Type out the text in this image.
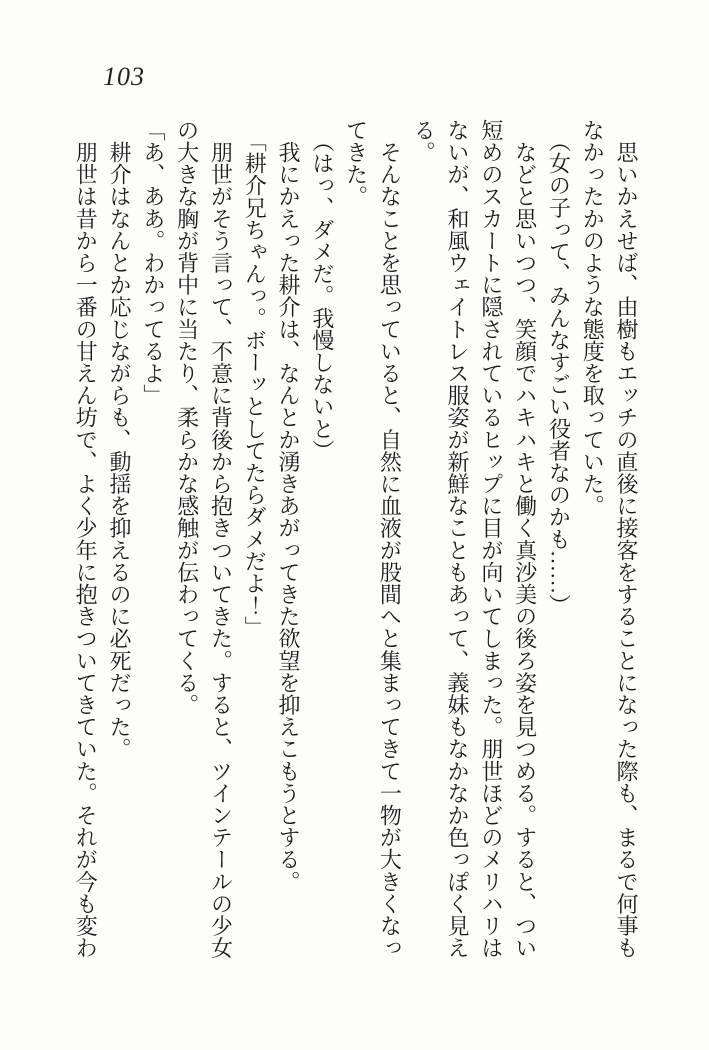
103

　思いかえせば、由樹もエッチの直後に接客をすることになった際も、まるで何事も

なかったかのような態度を取っていた。

　（女の子って、みんなすごい役者なのかも……）

　などと思いつつ、笑顔でハキハキと働く真沙美の後ろ姿を見つめる。すると、つい

短めのスカートに隠されているヒップに目が向いてしまった。朋世ほどのメリハリは

ないが、和風ウェイトレス服姿が新鮮なこともあって、義妹もなかなか色っぽく見え

る。

　そんなことを思っていると、自然に血液が股間へと集まってきて一物が大きくなっ

てきた。

　（はっ、ダメだ。我慢しないと）

　我にかえった耕介は、なんとか湧きあがってきた欲望を抑えこもうとする。

　「耕介兄ちゃんっ。ボーッとしてたらダメだよ！」

　朋世がそう言って、不意に背後から抱きついてきた。すると、ツインテールの少女

の大きな胸が背中に当たり、柔らかな感触が伝わってくる。

「あ、ああ。わかってるよ」

　耕介はなんとか応じながらも、動揺を抑えるのに必死だった。

　朋世は昔から一番の甘えん坊で、よく少年に抱きついてきていた。それが今も変わ
